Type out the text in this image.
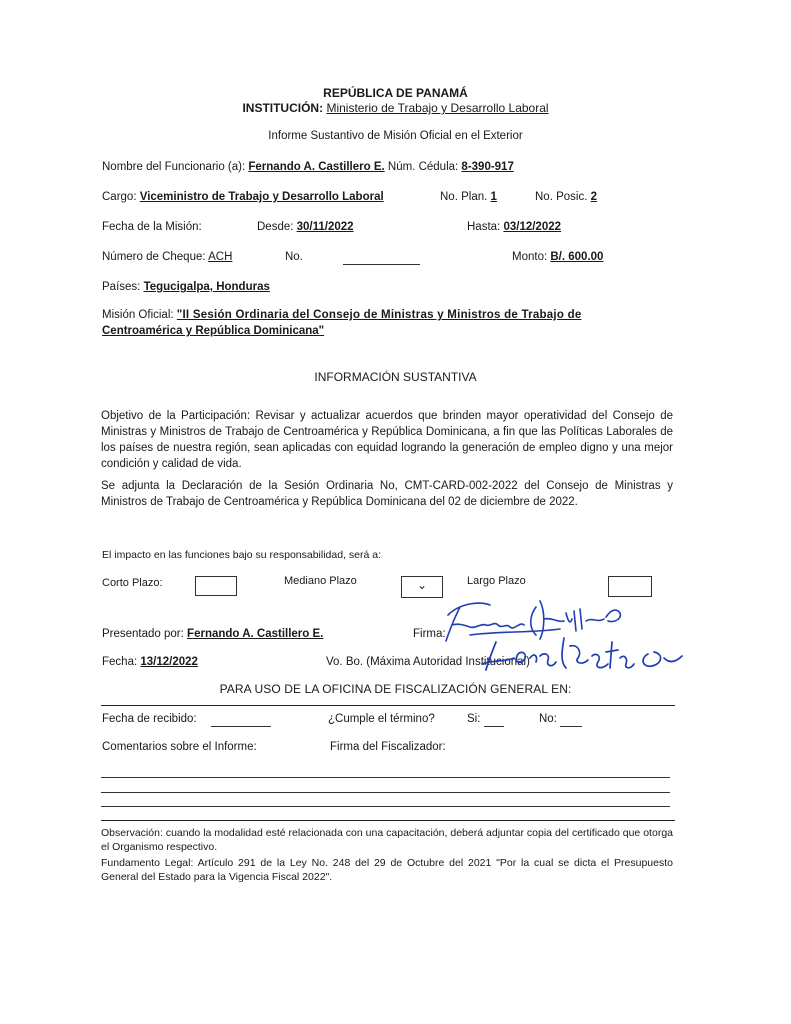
REPÚBLICA DE PANAMÁ
INSTITUCIÓN: Ministerio de Trabajo y Desarrollo Laboral
Informe Sustantivo de Misión Oficial en el Exterior
Nombre del Funcionario (a): Fernando A. Castillero E. Núm. Cédula: 8-390-917
Cargo: Viceministro de Trabajo y Desarrollo Laboral	No. Plan. 1	No. Posic. 2
Fecha de la Misión:	Desde: 30/11/2022	Hasta: 03/12/2022
Número de Cheque: ACH	No.	Monto: B/. 600.00
Países: Tegucigalpa, Honduras
Misión Oficial: "II Sesión Ordinaria del Consejo de Ministras y Ministros de Trabajo de
Centroamérica y República Dominicana"
INFORMACIÓN SUSTANTIVA
Objetivo de la Participación: Revisar y actualizar acuerdos que brinden mayor operatividad del Consejo de Ministras y Ministros de Trabajo de Centroamérica y República Dominicana, a fin que las Políticas Laborales de los países de nuestra región, sean aplicadas con equidad logrando la generación de empleo digno y una mejor condición y calidad de vida.
Se adjunta la Declaración de la Sesión Ordinaria No, CMT-CARD-002-2022 del Consejo de Ministras y Ministros de Trabajo de Centroamérica y República Dominicana del 02 de diciembre de 2022.
El impacto en las funciones bajo su responsabilidad, será a:
Corto Plazo:	Mediano Plazo	⌄	Largo Plazo
Presentado por: Fernando A. Castillero E.	Firma:
Fecha: 13/12/2022	Vo. Bo. (Máxima Autoridad Institucional)
PARA USO DE LA OFICINA DE FISCALIZACIÓN GENERAL EN:
Fecha de recibido:	¿Cumple el término?	Si:	No:
Comentarios sobre el Informe:	Firma del Fiscalizador:
Observación: cuando la modalidad esté relacionada con una capacitación, deberá adjuntar copia del certificado que otorga el Organismo respectivo.
Fundamento Legal: Artículo 291 de la Ley No. 248 del 29 de Octubre del 2021 "Por la cual se dicta el Presupuesto General del Estado para la Vigencia Fiscal 2022".
